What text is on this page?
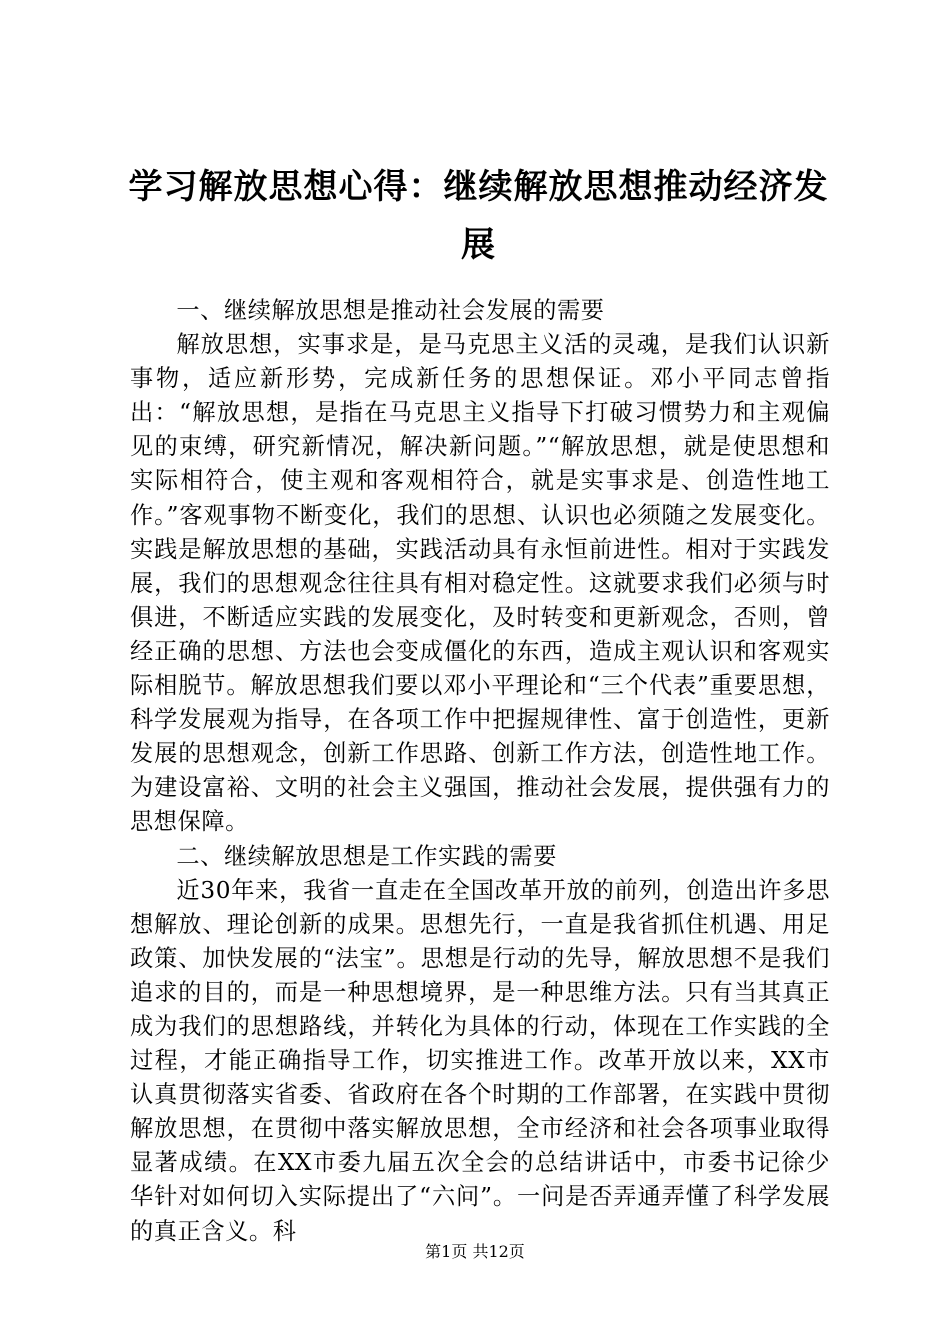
学习解放思想心得：继续解放思想推动经济发展

一、继续解放思想是推动社会发展的需要

解放思想，实事求是，是马克思主义活的灵魂，是我们认识新事物，适应新形势，完成新任务的思想保证。邓小平同志曾指出：“解放思想，是指在马克思主义指导下打破习惯势力和主观偏见的束缚，研究新情况，解决新问题。”“解放思想，就是使思想和实际相符合，使主观和客观相符合，就是实事求是、创造性地工作。”客观事物不断变化，我们的思想、认识也必须随之发展变化。实践是解放思想的基础，实践活动具有永恒前进性。相对于实践发展，我们的思想观念往往具有相对稳定性。这就要求我们必须与时俱进，不断适应实践的发展变化，及时转变和更新观念，否则，曾经正确的思想、方法也会变成僵化的东西，造成主观认识和客观实际相脱节。解放思想我们要以邓小平理论和“三个代表”重要思想，科学发展观为指导，在各项工作中把握规律性、富于创造性，更新发展的思想观念，创新工作思路、创新工作方法，创造性地工作。为建设富裕、文明的社会主义强国，推动社会发展，提供强有力的思想保障。

二、继续解放思想是工作实践的需要

近30年来，我省一直走在全国改革开放的前列，创造出许多思想解放、理论创新的成果。思想先行，一直是我省抓住机遇、用足政策、加快发展的“法宝”。思想是行动的先导，解放思想不是我们追求的目的，而是一种思想境界，是一种思维方法。只有当其真正成为我们的思想路线，并转化为具体的行动，体现在工作实践的全过程，才能正确指导工作，切实推进工作。改革开放以来，XX市认真贯彻落实省委、省政府在各个时期的工作部署，在实践中贯彻解放思想，在贯彻中落实解放思想，全市经济和社会各项事业取得显著成绩。在XX市委九届五次全会的总结讲话中，市委书记徐少华针对如何切入实际提出了“六问”。一问是否弄通弄懂了科学发展的真正含义。科

第1页 共12页
